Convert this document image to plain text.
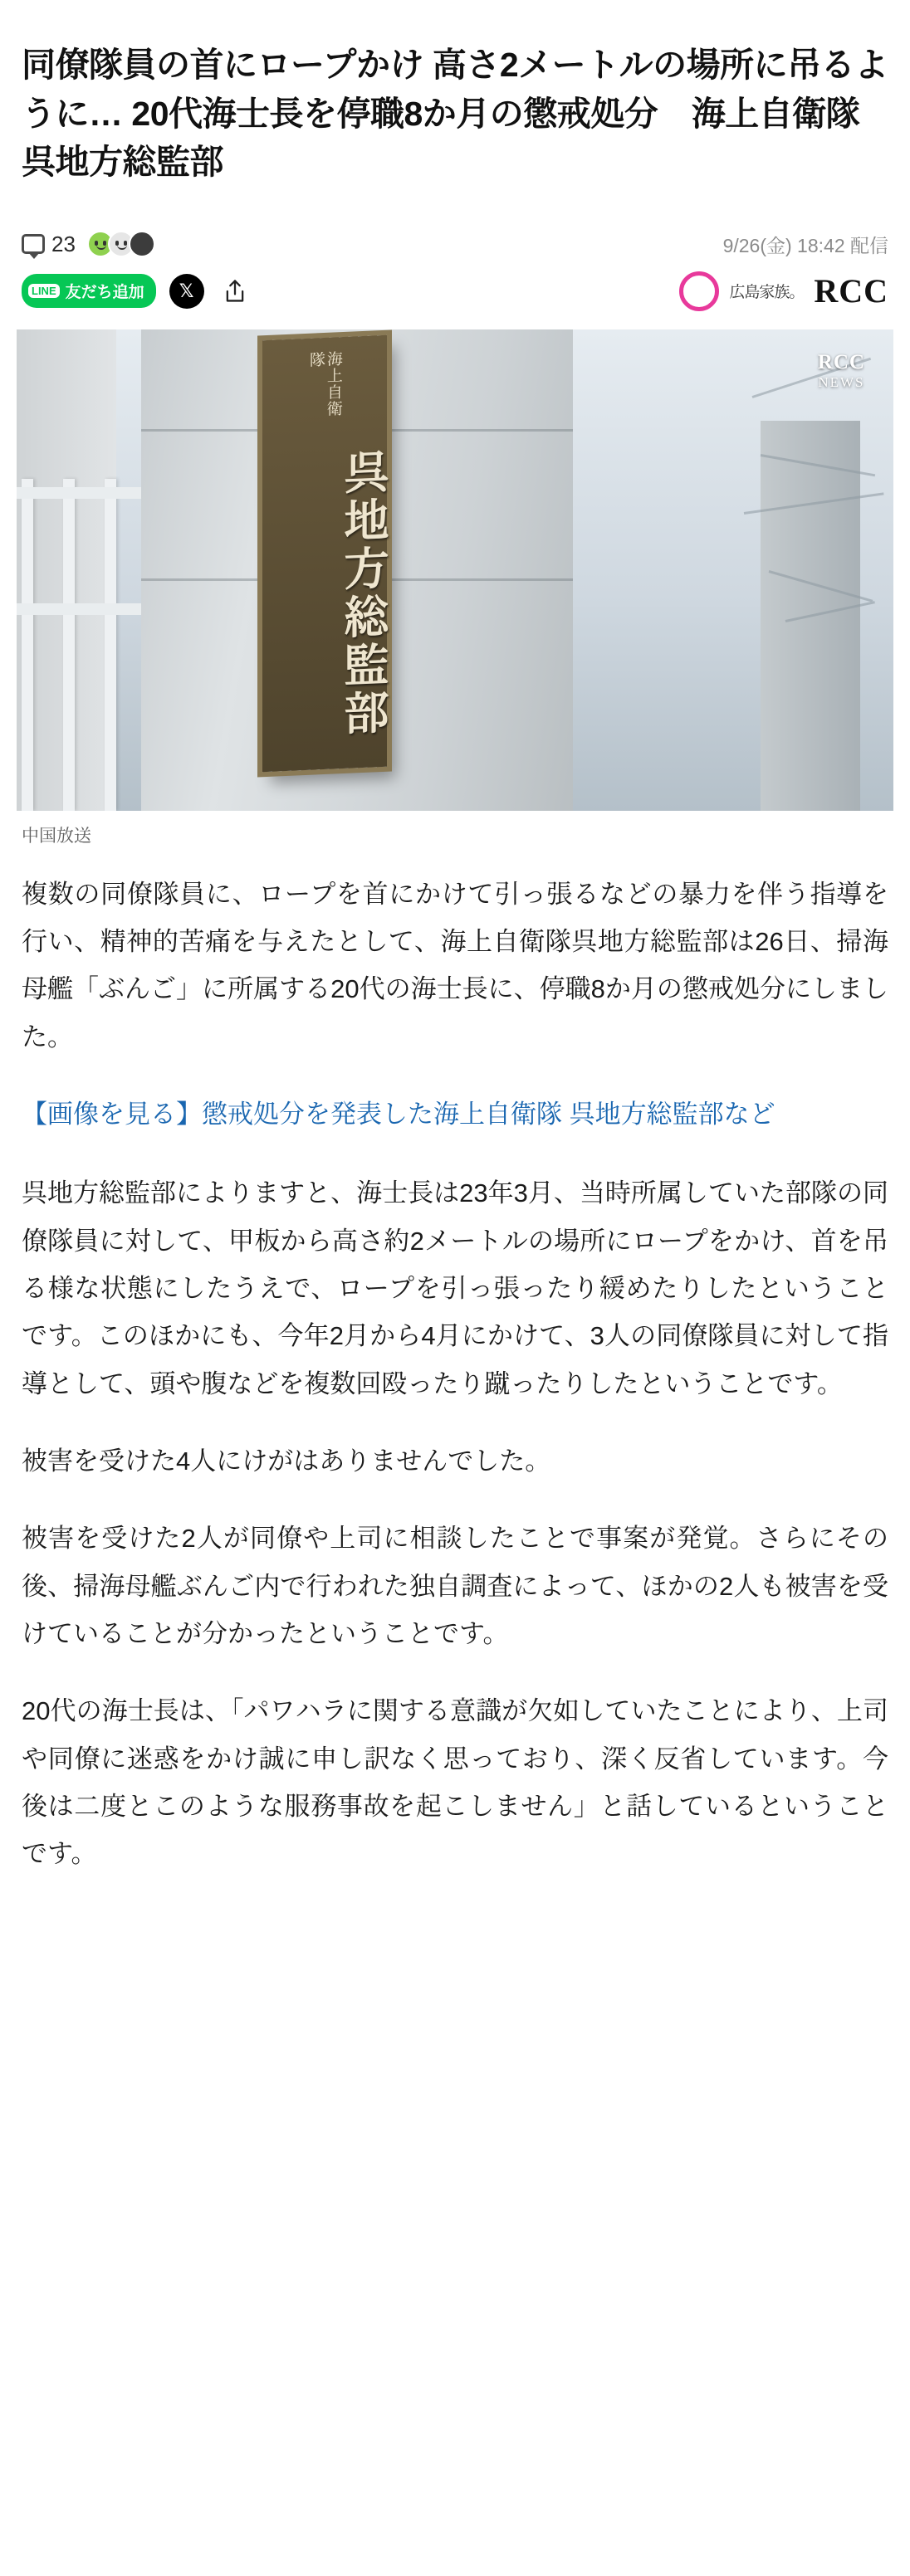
同僚隊員の首にロープかけ 高さ2メートルの場所に吊るように… 20代海士長を停職8か月の懲戒処分　海上自衛隊呉地方総監部
23	9/26(金) 18:42 配信
LINE 友だち追加	𝕏	広島家族。 RCC
海上自衛隊
呉地方総監部
RCC
NEWS
中国放送

複数の同僚隊員に、ロープを首にかけて引っ張るなどの暴力を伴う指導を行い、精神的苦痛を与えたとして、海上自衛隊呉地方総監部は26日、掃海母艦「ぶんご」に所属する20代の海士長に、停職8か月の懲戒処分にしました。

【画像を見る】懲戒処分を発表した海上自衛隊 呉地方総監部など

呉地方総監部によりますと、海士長は23年3月、当時所属していた部隊の同僚隊員に対して、甲板から高さ約2メートルの場所にロープをかけ、首を吊る様な状態にしたうえで、ロープを引っ張ったり緩めたりしたということです。このほかにも、今年2月から4月にかけて、3人の同僚隊員に対して指導として、頭や腹などを複数回殴ったり蹴ったりしたということです。

被害を受けた4人にけがはありませんでした。

被害を受けた2人が同僚や上司に相談したことで事案が発覚。さらにその後、掃海母艦ぶんご内で行われた独自調査によって、ほかの2人も被害を受けていることが分かったということです。

20代の海士長は、「パワハラに関する意識が欠如していたことにより、上司や同僚に迷惑をかけ誠に申し訳なく思っており、深く反省しています。今後は二度とこのような服務事故を起こしません」と話しているということです。
